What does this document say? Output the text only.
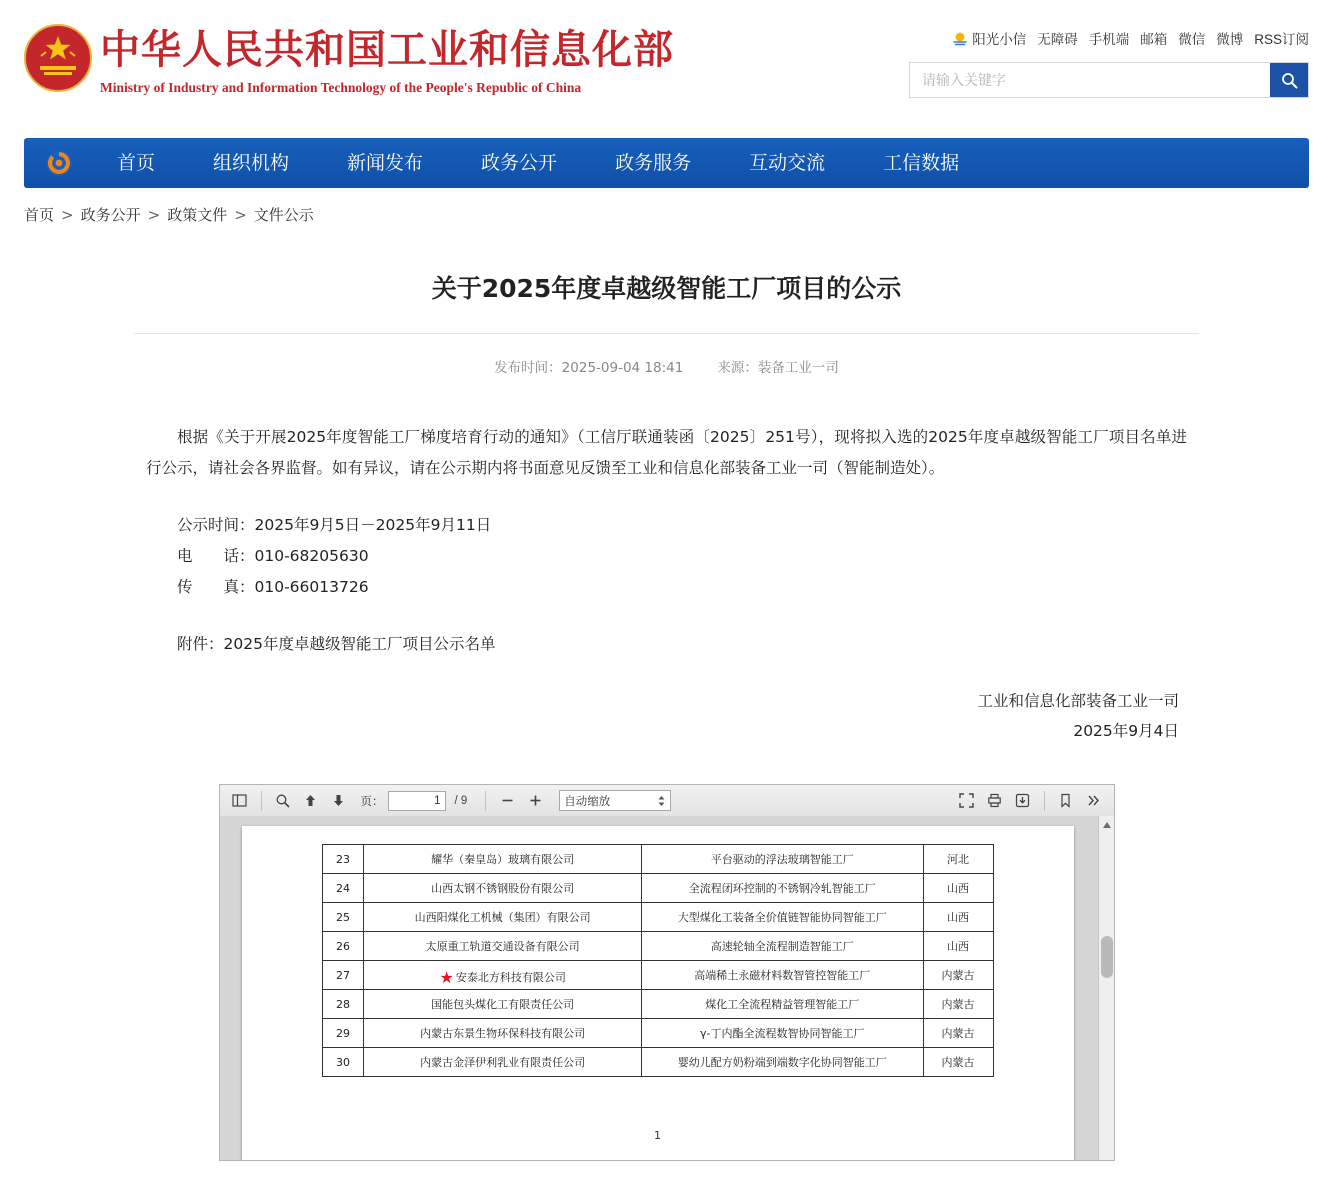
中华人民共和国工业和信息化部
Ministry of Industry and Information Technology of the People's Republic of China
阳光小信 无障碍 手机端 邮箱 微信 微博 RSS订阅
请输入关键字
首页	组织机构	新闻发布	政务公开	政务服务	互动交流	工信数据
首页 > 政务公开 > 政策文件 > 文件公示
关于2025年度卓越级智能工厂项目的公示
发布时间：2025-09-04 18:41	来源：装备工业一司
根据《关于开展2025年度智能工厂梯度培育行动的通知》（工信厅联通装函〔2025〕251号），现将拟入选的2025年度卓越级智能工厂项目名单进行公示，请社会各界监督。如有异议，请在公示期内将书面意见反馈至工业和信息化部装备工业一司（智能制造处）。
公示时间：2025年9月5日－2025年9月11日
电　　话：010-68205630
传　　真：010-66013726
附件：2025年度卓越级智能工厂项目公示名单
工业和信息化部装备工业一司
2025年9月4日
页：
1	/ 9	自动缩放
23	耀华（秦皇岛）玻璃有限公司	平台驱动的浮法玻璃智能工厂	河北
24	山西太钢不锈钢股份有限公司	全流程闭环控制的不锈钢冷轧智能工厂	山西
25	山西阳煤化工机械（集团）有限公司	大型煤化工装备全价值链智能协同智能工厂	山西
26	太原重工轨道交通设备有限公司	高速轮轴全流程制造智能工厂	山西
27	★ 安泰北方科技有限公司	高端稀土永磁材料数智管控智能工厂	内蒙古
28	国能包头煤化工有限责任公司	煤化工全流程精益管理智能工厂	内蒙古
29	内蒙古东景生物环保科技有限公司	γ-丁内酯全流程数智协同智能工厂	内蒙古
30	内蒙古金泽伊利乳业有限责任公司	婴幼儿配方奶粉端到端数字化协同智能工厂	内蒙古
1
